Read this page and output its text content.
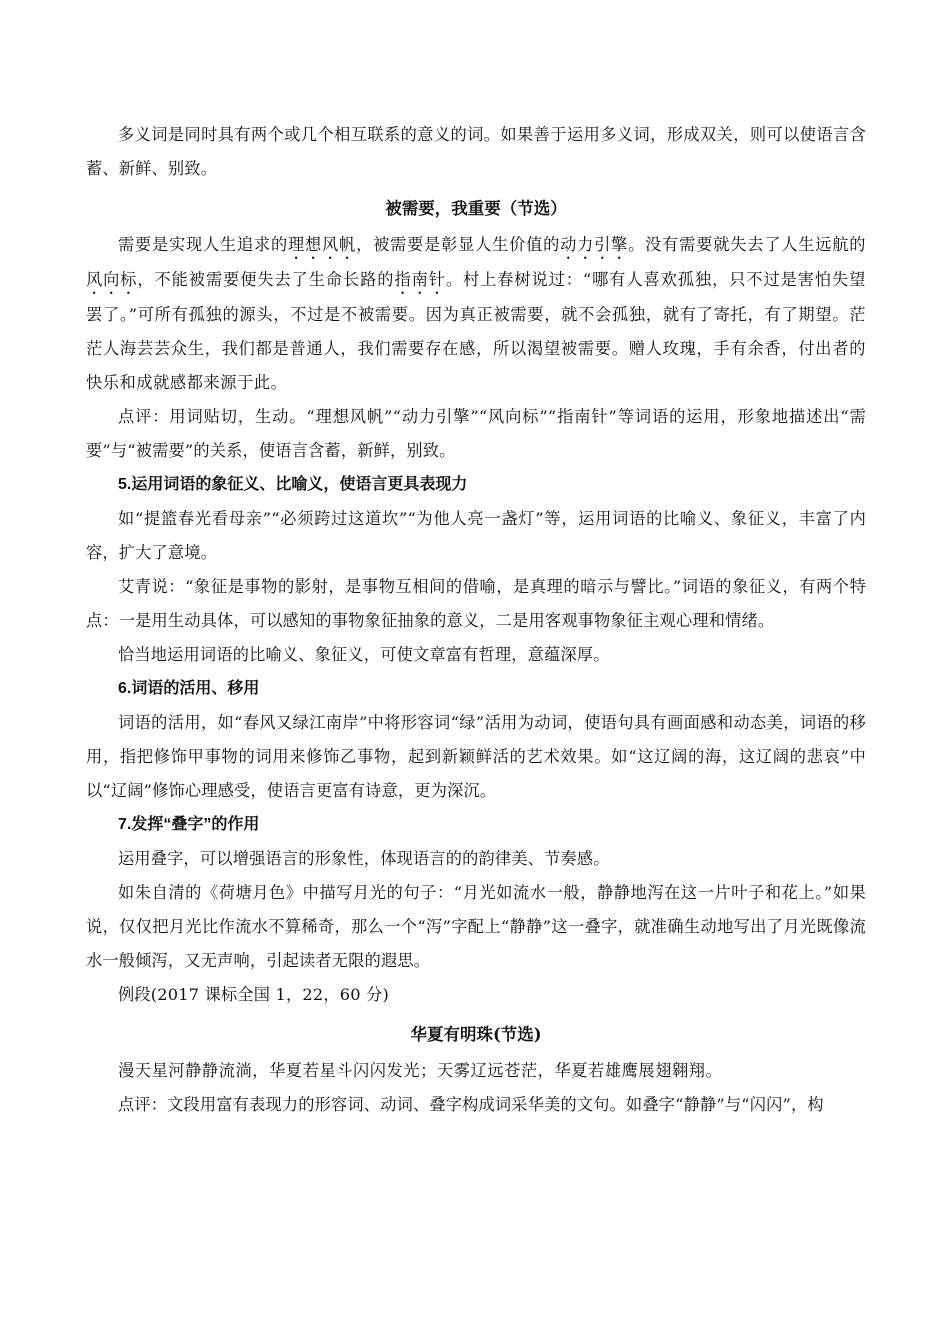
多义词是同时具有两个或几个相互联系的意义的词。如果善于运用多义词，形成双关，则可以使语言含蓄、新鲜、别致。

被需要，我重要（节选）

需要是实现人生追求的理想风帆，被需要是彰显人生价值的动力引擎。没有需要就失去了人生远航的风向标，不能被需要便失去了生命长路的指南针。村上春树说过：“哪有人喜欢孤独，只不过是害怕失望罢了。”可所有孤独的源头，不过是不被需要。因为真正被需要，就不会孤独，就有了寄托，有了期望。茫茫人海芸芸众生，我们都是普通人，我们需要存在感，所以渴望被需要。赠人玫瑰，手有余香，付出者的快乐和成就感都来源于此。

点评：用词贴切，生动。“理想风帆”“动力引擎”“风向标”“指南针”等词语的运用，形象地描述出“需要”与“被需要”的关系，使语言含蓄，新鲜，别致。

5.运用词语的象征义、比喻义，使语言更具表现力

如“提篮春光看母亲”“必须跨过这道坎”“为他人亮一盏灯”等，运用词语的比喻义、象征义，丰富了内容，扩大了意境。

艾青说：“象征是事物的影射，是事物互相间的借喻，是真理的暗示与譬比。”词语的象征义，有两个特点：一是用生动具体，可以感知的事物象征抽象的意义，二是用客观事物象征主观心理和情绪。

恰当地运用词语的比喻义、象征义，可使文章富有哲理，意蕴深厚。

6.词语的活用、移用

词语的活用，如“春风又绿江南岸”中将形容词“绿”活用为动词，使语句具有画面感和动态美，词语的移用，指把修饰甲事物的词用来修饰乙事物，起到新颖鲜活的艺术效果。如“这辽阔的海，这辽阔的悲哀”中以“辽阔”修饰心理感受，使语言更富有诗意，更为深沉。

7.发挥“叠字”的作用

运用叠字，可以增强语言的形象性，体现语言的的韵律美、节奏感。

如朱自清的《荷塘月色》中描写月光的句子：“月光如流水一般，静静地泻在这一片叶子和花上。”如果说，仅仅把月光比作流水不算稀奇，那么一个“泻”字配上“静静”这一叠字，就准确生动地写出了月光既像流水一般倾泻，又无声响，引起读者无限的遐思。

例段(2017 课标全国 1，22，60 分)

华夏有明珠(节选)

漫天星河静静流淌，华夏若星斗闪闪发光；天雾辽远苍茫，华夏若雄鹰展翅翱翔。

点评：文段用富有表现力的形容词、动词、叠字构成词采华美的文句。如叠字“静静”与“闪闪”，构
